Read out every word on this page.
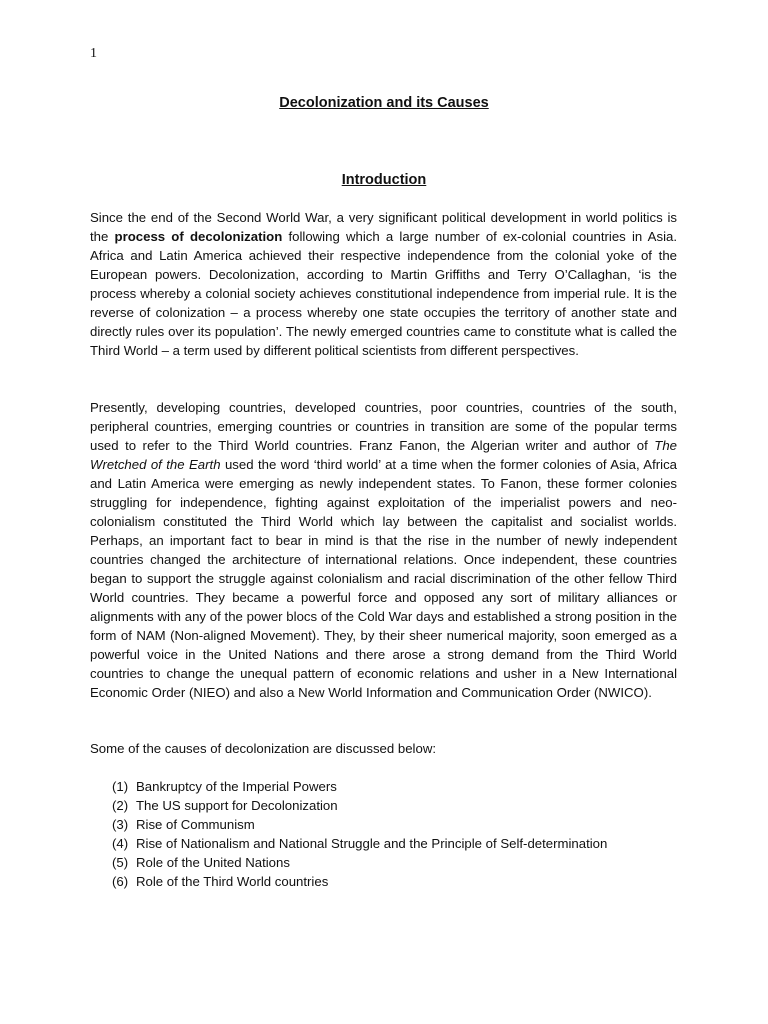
1
Decolonization and its Causes
Introduction

Since the end of the Second World War, a very significant political development in world politics is the process of decolonization following which a large number of ex-colonial countries in Asia. Africa and Latin America achieved their respective independence from the colonial yoke of the European powers. Decolonization, according to Martin Griffiths and Terry O’Callaghan, ‘is the process whereby a colonial society achieves constitutional independence from imperial rule. It is the reverse of colonization – a process whereby one state occupies the territory of another state and directly rules over its population’. The newly emerged countries came to constitute what is called the Third World – a term used by different political scientists from different perspectives.

Presently, developing countries, developed countries, poor countries, countries of the south, peripheral countries, emerging countries or countries in transition are some of the popular terms used to refer to the Third World countries. Franz Fanon, the Algerian writer and author of The Wretched of the Earth used the word ‘third world’ at a time when the former colonies of Asia, Africa and Latin America were emerging as newly independent states. To Fanon, these former colonies struggling for independence, fighting against exploitation of the imperialist powers and neo-colonialism constituted the Third World which lay between the capitalist and socialist worlds. Perhaps, an important fact to bear in mind is that the rise in the number of newly independent countries changed the architecture of international relations. Once independent, these countries began to support the struggle against colonialism and racial discrimination of the other fellow Third World countries. They became a powerful force and opposed any sort of military alliances or alignments with any of the power blocs of the Cold War days and established a strong position in the form of NAM (Non-aligned Movement). They, by their sheer numerical majority, soon emerged as a powerful voice in the United Nations and there arose a strong demand from the Third World countries to change the unequal pattern of economic relations and usher in a New International Economic Order (NIEO) and also a New World Information and Communication Order (NWICO).

Some of the causes of decolonization are discussed below:

(1) Bankruptcy of the Imperial Powers
(2) The US support for Decolonization
(3) Rise of Communism
(4) Rise of Nationalism and National Struggle and the Principle of Self-determination
(5) Role of the United Nations
(6) Role of the Third World countries
